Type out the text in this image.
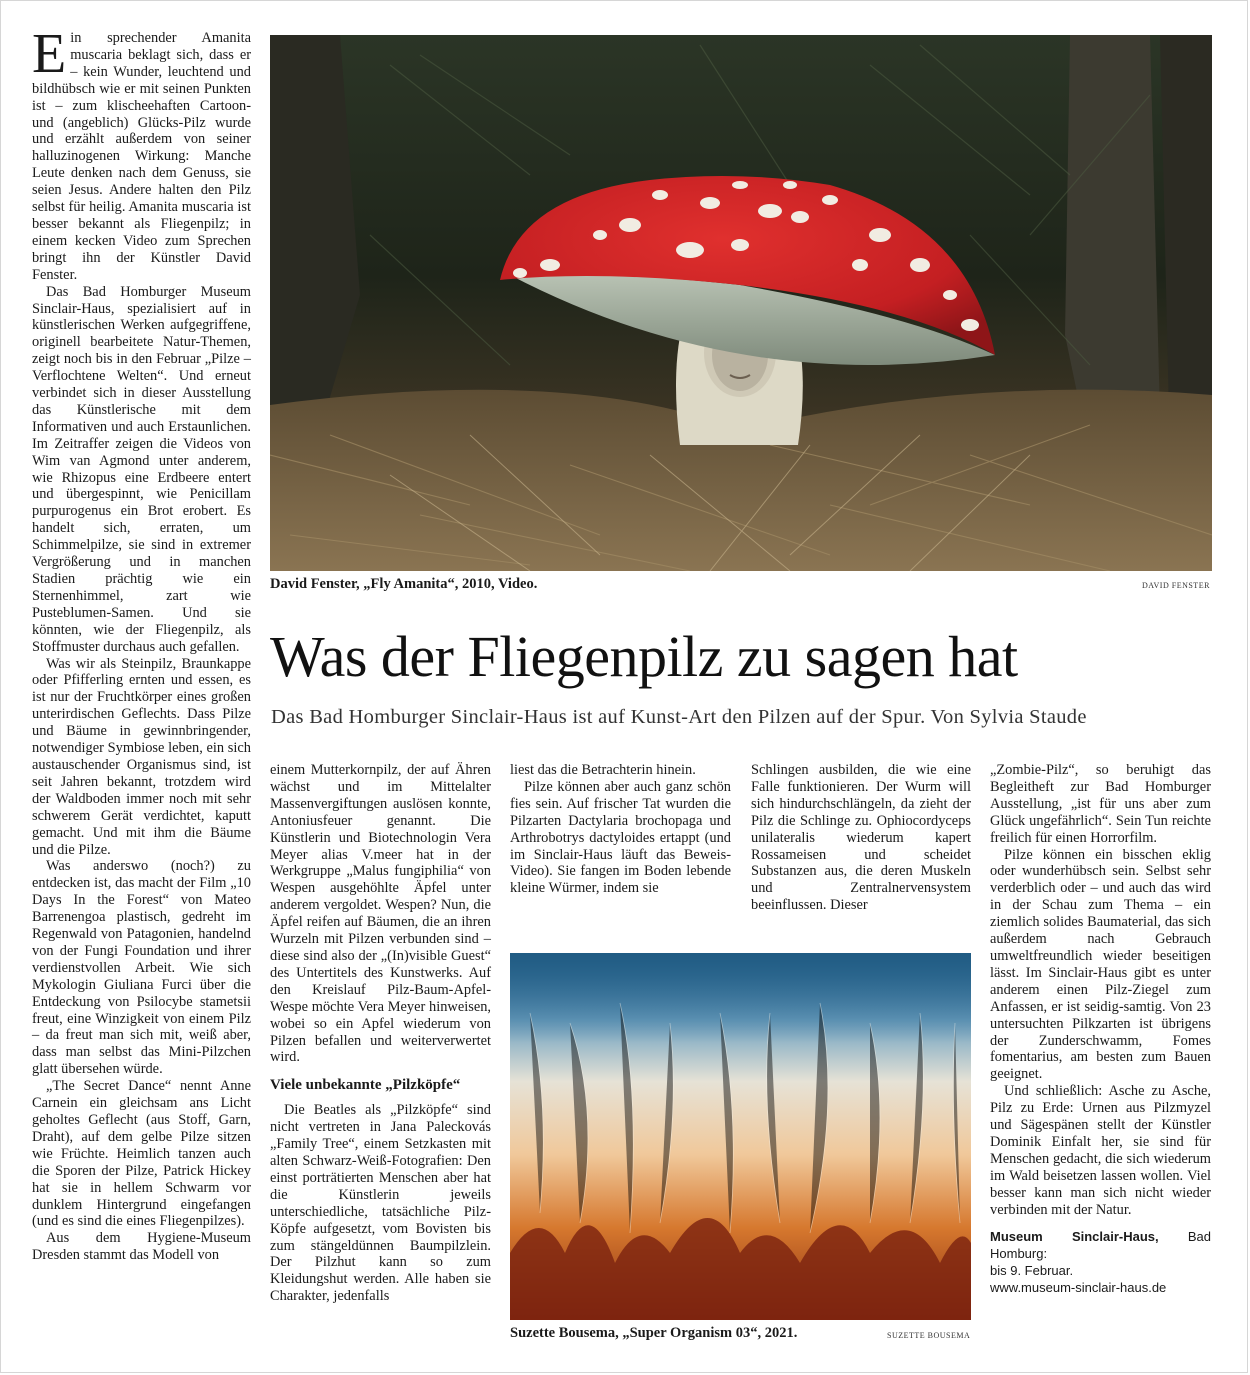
Ein sprechender Amanita muscaria beklagt sich, dass er – kein Wunder, leuchtend und bildhübsch wie er mit seinen Punkten ist – zum klischeehaften Cartoon- und (angeblich) Glücks-Pilz wurde und erzählt außerdem von seiner halluzinogenen Wirkung: Manche Leute denken nach dem Genuss, sie seien Jesus. Andere halten den Pilz selbst für heilig. Amanita muscaria ist besser bekannt als Fliegenpilz; in einem kecken Video zum Sprechen bringt ihn der Künstler David Fenster.

Das Bad Homburger Museum Sinclair-Haus, spezialisiert auf in künstlerischen Werken aufgegriffene, originell bearbeitete Natur-Themen, zeigt noch bis in den Februar „Pilze – Verflochtene Welten“. Und erneut verbindet sich in dieser Ausstellung das Künstlerische mit dem Informativen und auch Erstaunlichen. Im Zeitraffer zeigen die Videos von Wim van Agmond unter anderem, wie Rhizopus eine Erdbeere entert und übergespinnt, wie Penicillam purpurogenus ein Brot erobert. Es handelt sich, erraten, um Schimmelpilze, sie sind in extremer Vergrößerung und in manchen Stadien prächtig wie ein Sternenhimmel, zart wie Pusteblumen-Samen. Und sie könnten, wie der Fliegenpilz, als Stoffmuster durchaus auch gefallen.

Was wir als Steinpilz, Braunkappe oder Pfifferling ernten und essen, es ist nur der Fruchtkörper eines großen unterirdischen Geflechts. Dass Pilze und Bäume in gewinnbringender, notwendiger Symbiose leben, ein sich austauschender Organismus sind, ist seit Jahren bekannt, trotzdem wird der Waldboden immer noch mit sehr schwerem Gerät verdichtet, kaputt gemacht. Und mit ihm die Bäume und die Pilze.

Was anderswo (noch?) zu entdecken ist, das macht der Film „10 Days In the Forest“ von Mateo Barrenengoa plastisch, gedreht im Regenwald von Patagonien, handelnd von der Fungi Foundation und ihrer verdienstvollen Arbeit. Wie sich Mykologin Giuliana Furci über die Entdeckung von Psilocybe stametsii freut, eine Winzigkeit von einem Pilz – da freut man sich mit, weiß aber, dass man selbst das Mini-Pilzchen glatt übersehen würde.

„The Secret Dance“ nennt Anne Carnein ein gleichsam ans Licht geholtes Geflecht (aus Stoff, Garn, Draht), auf dem gelbe Pilze sitzen wie Früchte. Heimlich tanzen auch die Sporen der Pilze, Patrick Hickey hat sie in hellem Schwarm vor dunklem Hintergrund eingefangen (und es sind die eines Fliegenpilzes).

Aus dem Hygiene-Museum Dresden stammt das Modell von

David Fenster, „Fly Amanita“, 2010, Video.	DAVID FENSTER
Was der Fliegenpilz zu sagen hat
Das Bad Homburger Sinclair-Haus ist auf Kunst-Art den Pilzen auf der Spur. Von Sylvia Staude

einem Mutterkornpilz, der auf Ähren wächst und im Mittelalter Massenvergiftungen auslösen konnte, Antoniusfeuer genannt. Die Künstlerin und Biotechnologin Vera Meyer alias V.meer hat in der Werkgruppe „Malus fungiphilia“ von Wespen ausgehöhlte Äpfel unter anderem vergoldet. Wespen? Nun, die Äpfel reifen auf Bäumen, die an ihren Wurzeln mit Pilzen verbunden sind – diese sind also der „(In)visible Guest“ des Untertitels des Kunstwerks. Auf den Kreislauf Pilz-Baum-Apfel-Wespe möchte Vera Meyer hinweisen, wobei so ein Apfel wiederum von Pilzen befallen und weiterverwertet wird.

Viele unbekannte „Pilzköpfe“

Die Beatles als „Pilzköpfe“ sind nicht vertreten in Jana Paleckovás „Family Tree“, einem Setzkasten mit alten Schwarz-Weiß-Fotografien: Den einst porträtierten Menschen aber hat die Künstlerin jeweils unterschiedliche, tatsächliche Pilz-Köpfe aufgesetzt, vom Bovisten bis zum stängeldünnen Baumpilzlein. Der Pilzhut kann so zum Kleidungshut werden. Alle haben sie Charakter, jedenfalls

liest das die Betrachterin hinein.

Pilze können aber auch ganz schön fies sein. Auf frischer Tat wurden die Pilzarten Dactylaria brochopaga und Arthrobotrys dactyloides ertappt (und im Sinclair-Haus läuft das Beweis-Video). Sie fangen im Boden lebende kleine Würmer, indem sie

Schlingen ausbilden, die wie eine Falle funktionieren. Der Wurm will sich hindurchschlängeln, da zieht der Pilz die Schlinge zu. Ophiocordyceps unilateralis wiederum kapert Rossameisen und scheidet Substanzen aus, die deren Muskeln und Zentralnervensystem beeinflussen. Dieser

Suzette Bousema, „Super Organism 03“, 2021.	SUZETTE BOUSEMA

„Zombie-Pilz“, so beruhigt das Begleitheft zur Bad Homburger Ausstellung, „ist für uns aber zum Glück ungefährlich“. Sein Tun reichte freilich für einen Horrorfilm.

Pilze können ein bisschen eklig oder wunderhübsch sein. Selbst sehr verderblich oder – und auch das wird in der Schau zum Thema – ein ziemlich solides Baumaterial, das sich außerdem nach Gebrauch umweltfreundlich wieder beseitigen lässt. Im Sinclair-Haus gibt es unter anderem einen Pilz-Ziegel zum Anfassen, er ist seidig-samtig. Von 23 untersuchten Pilkzarten ist übrigens der Zunderschwamm, Fomes fomentarius, am besten zum Bauen geeignet.

Und schließlich: Asche zu Asche, Pilz zu Erde: Urnen aus Pilzmyzel und Sägespänen stellt der Künstler Dominik Einfalt her, sie sind für Menschen gedacht, die sich wiederum im Wald beisetzen lassen wollen. Viel besser kann man sich nicht wieder verbinden mit der Natur.

Museum Sinclair-Haus, Bad Homburg:
bis 9. Februar.
www.museum-sinclair-haus.de
